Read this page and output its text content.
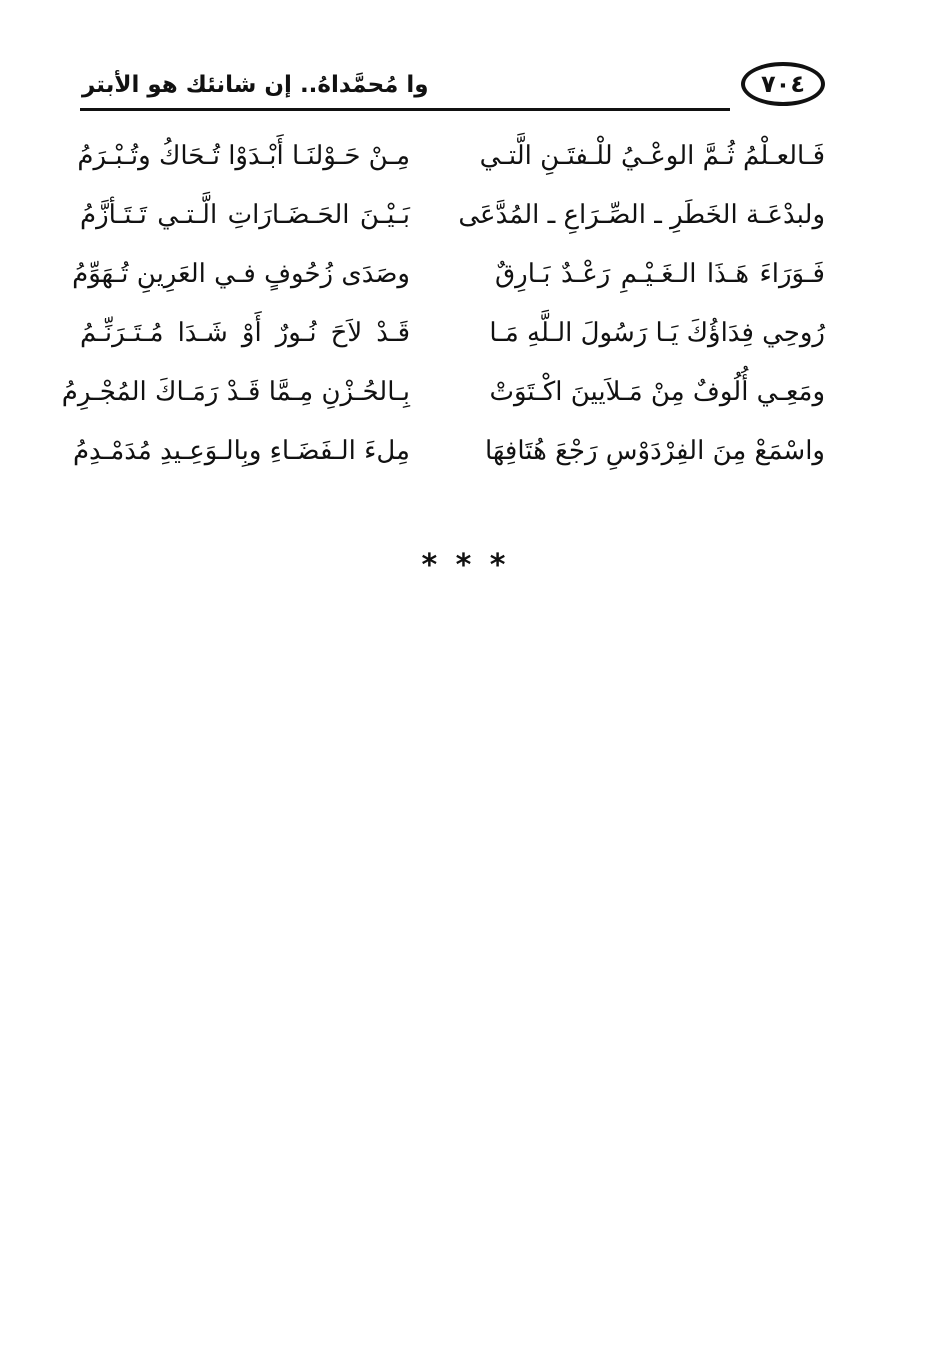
وا مُحمَّداهُ.. إن شانئك هو الأبتر	٧٠٤
فَـالعـلْمُ ثُـمَّ الوعْـيُ للْـفتَـنِ الَّتـي
مِـنْ حَـوْلنَـا أَبْـدَوْا تُـحَاكُ وتُـبْـرَمُ
ولبدْعَـة الخَطَرِ ـ الصِّـرَاعِ ـ المُدَّعَى
بَـيْـنَ الحَـضَـارَاتِ الَّـتـي تَـتَـأزَّمُ
فَـوَرَاءَ هَـذَا الـغَـيْـمِ رَعْـدٌ بَـارِقٌ
وصَدَى زُحُوفٍ فـي العَرِينِ تُـهَوِّمُ
رُوحِي فِدَاؤُكَ يَـا رَسُولَ الـلَّهِ مَـا
قَـدْ لاَحَ نُـورٌ أَوْ شَـدَا مُـتَـرَنِّـمُ
ومَعِـي أُلُوفٌ مِنْ مَـلاَيينَ اكْـتَوَتْ
بِـالحُـزْنِ مِـمَّا قَـدْ رَمَـاكَ المُجْـرِمُ
واسْمَعْ مِنَ الفِرْدَوْسِ رَجْعَ هُتَافِهَا
مِلءَ الـفَضَـاءِ وبِالـوَعِـيدِ مُدَمْـدِمُ
* * *
